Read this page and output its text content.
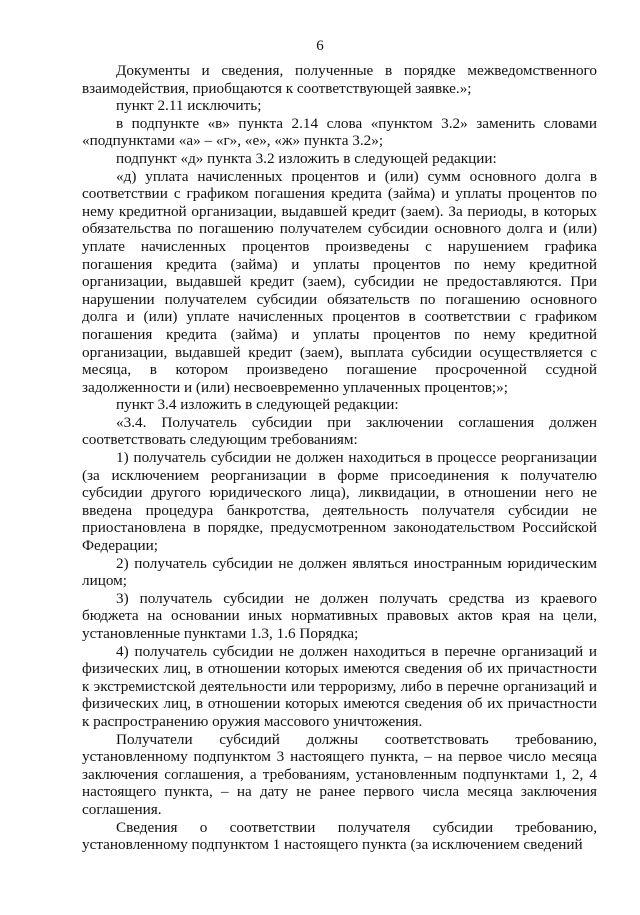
6

Документы и сведения, полученные в порядке межведомственного взаимодействия, приобщаются к соответствующей заявке.»;

пункт 2.11 исключить;

в подпункте «в» пункта 2.14 слова «пунктом 3.2» заменить словами «подпунктами «а» – «г», «е», «ж» пункта 3.2»;

подпункт «д» пункта 3.2 изложить в следующей редакции:

«д) уплата начисленных процентов и (или) сумм основного долга в соответствии с графиком погашения кредита (займа) и уплаты процентов по нему кредитной организации, выдавшей кредит (заем). За периоды, в которых обязательства по погашению получателем субсидии основного долга и (или) уплате начисленных процентов произведены с нарушением графика погашения кредита (займа) и уплаты процентов по нему кредитной организации, выдавшей кредит (заем), субсидии не предоставляются. При нарушении получателем субсидии обязательств по погашению основного долга и (или) уплате начисленных процентов в соответствии с графиком погашения кредита (займа) и уплаты процентов по нему кредитной организации, выдавшей кредит (заем), выплата субсидии осуществляется с месяца, в котором произведено погашение просроченной ссудной задолженности и (или) несвоевременно уплаченных процентов;»;

пункт 3.4 изложить в следующей редакции:

«3.4. Получатель субсидии при заключении соглашения должен соответствовать следующим требованиям:

1) получатель субсидии не должен находиться в процессе реорганизации (за исключением реорганизации в форме присоединения к получателю субсидии другого юридического лица), ликвидации, в отношении него не введена процедура банкротства, деятельность получателя субсидии не приостановлена в порядке, предусмотренном законодательством Российской Федерации;

2) получатель субсидии не должен являться иностранным юридическим лицом;

3) получатель субсидии не должен получать средства из краевого бюджета на основании иных нормативных правовых актов края на цели, установленные пунктами 1.3, 1.6 Порядка;

4) получатель субсидии не должен находиться в перечне организаций и физических лиц, в отношении которых имеются сведения об их причастности к экстремистской деятельности или терроризму, либо в перечне организаций и физических лиц, в отношении которых имеются сведения об их причастности к распространению оружия массового уничтожения.

Получатели субсидий должны соответствовать требованию, установленному подпунктом 3 настоящего пункта, – на первое число месяца заключения соглашения, а требованиям, установленным подпунктами 1, 2, 4 настоящего пункта, – на дату не ранее первого числа месяца заключения соглашения.

Сведения о соответствии получателя субсидии требованию, установленному подпунктом 1 настоящего пункта (за исключением сведений
